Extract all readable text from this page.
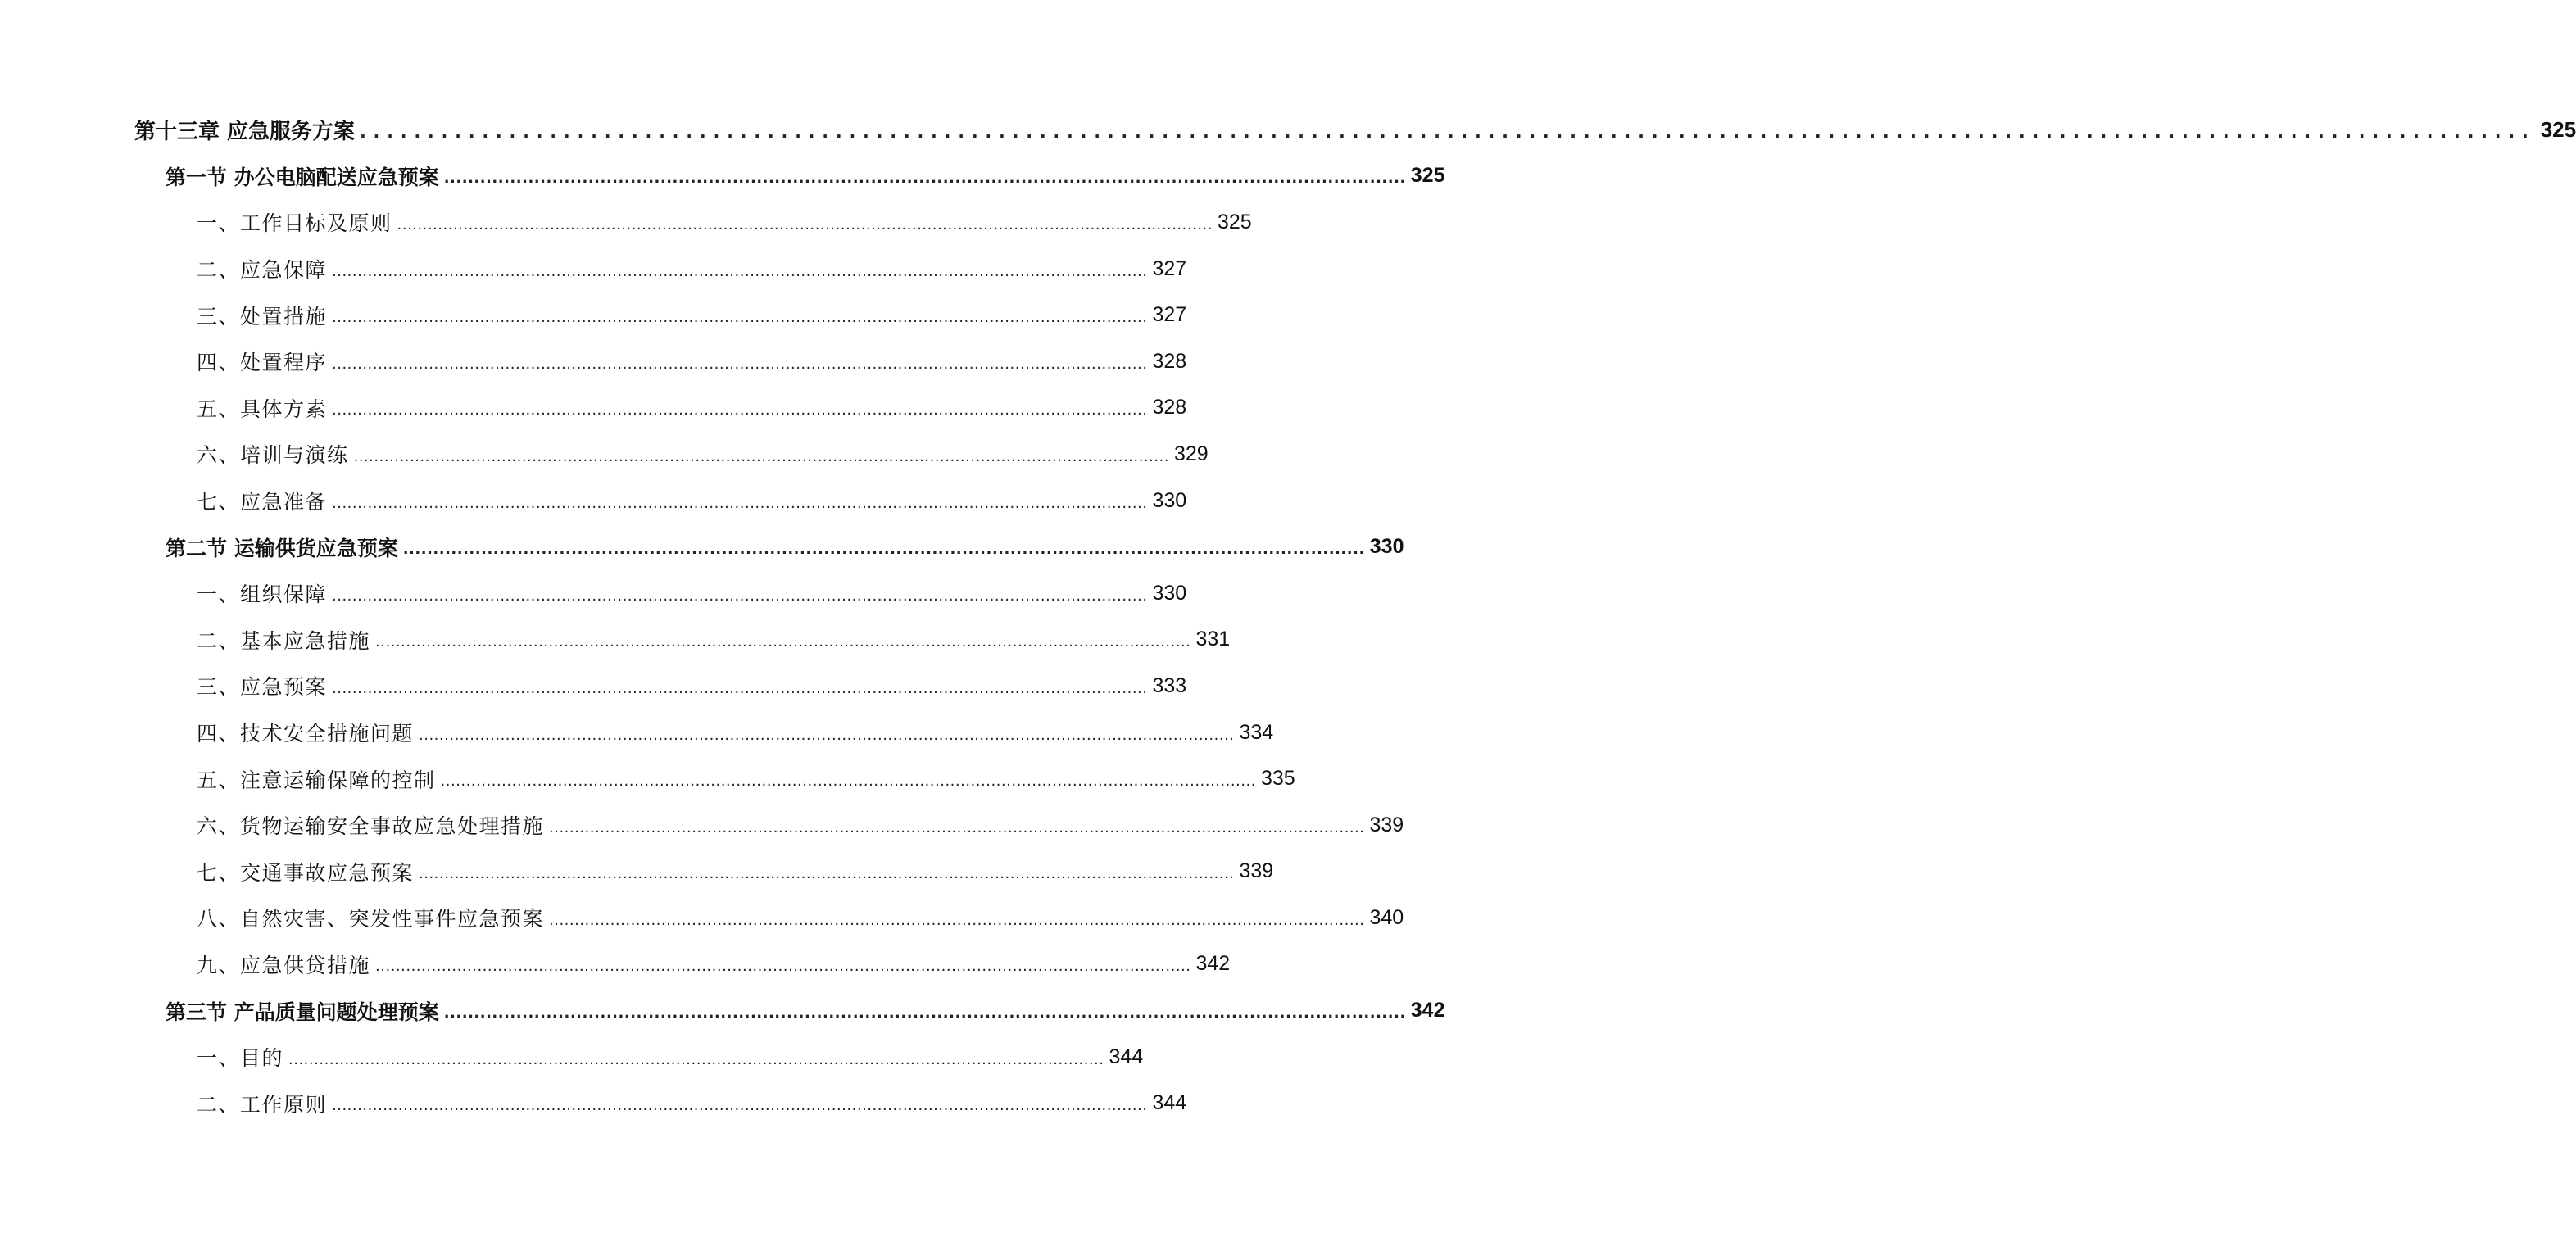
第十三章 应急服务方案 ................................................................................................................................................................ 325
第一节 办公电脑配送应急预案 ................................................................................................................................................................ 325
一、工作目标及原则 ................................................................................................................................................................ 325
二、应急保障 ................................................................................................................................................................ 327
三、处置措施 ................................................................................................................................................................ 327
四、处置程序 ................................................................................................................................................................ 328
五、具体方素 ................................................................................................................................................................ 328
六、培训与演练 ................................................................................................................................................................ 329
七、应急准备 ................................................................................................................................................................ 330
第二节 运输供货应急预案 ................................................................................................................................................................ 330
一、组织保障 ................................................................................................................................................................ 330
二、基本应急措施 ................................................................................................................................................................ 331
三、应急预案 ................................................................................................................................................................ 333
四、技术安全措施问题 ................................................................................................................................................................ 334
五、注意运输保障的控制 ................................................................................................................................................................ 335
六、货物运输安全事故应急处理措施 ................................................................................................................................................................ 339
七、交通事故应急预案 ................................................................................................................................................................ 339
八、自然灾害、突发性事件应急预案 ................................................................................................................................................................ 340
九、应急供贷措施 ................................................................................................................................................................ 342
第三节 产品质量问题处理预案 ................................................................................................................................................................ 342
一、目的 ................................................................................................................................................................ 344
二、工作原则 ................................................................................................................................................................ 344
